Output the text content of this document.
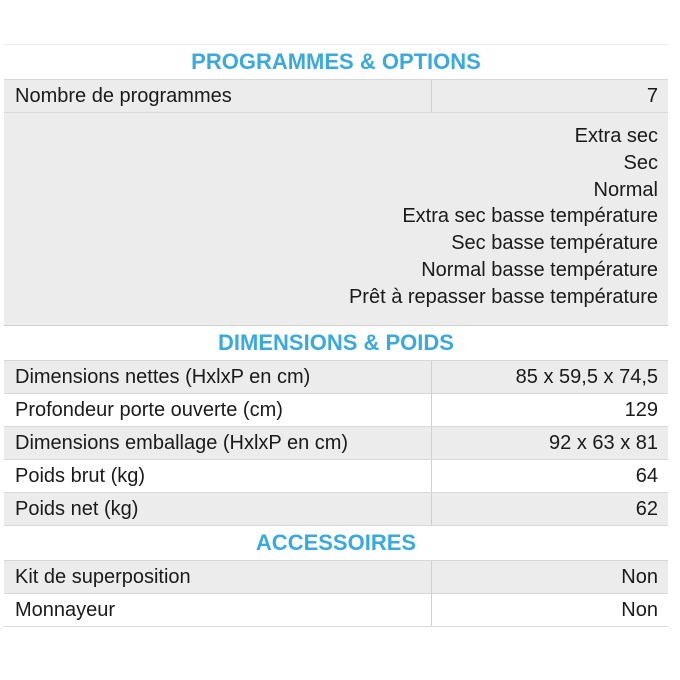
PROGRAMMES & OPTIONS
Nombre de programmes	7
Extra sec
Sec
Normal
Extra sec basse température
Sec basse température
Normal basse température
Prêt à repasser basse température
DIMENSIONS & POIDS
Dimensions nettes (HxlxP en cm)	85 x 59,5 x 74,5
Profondeur porte ouverte (cm)	129
Dimensions emballage (HxlxP en cm)	92 x 63 x 81
Poids brut (kg)	64
Poids net (kg)	62
ACCESSOIRES
Kit de superposition	Non
Monnayeur	Non
